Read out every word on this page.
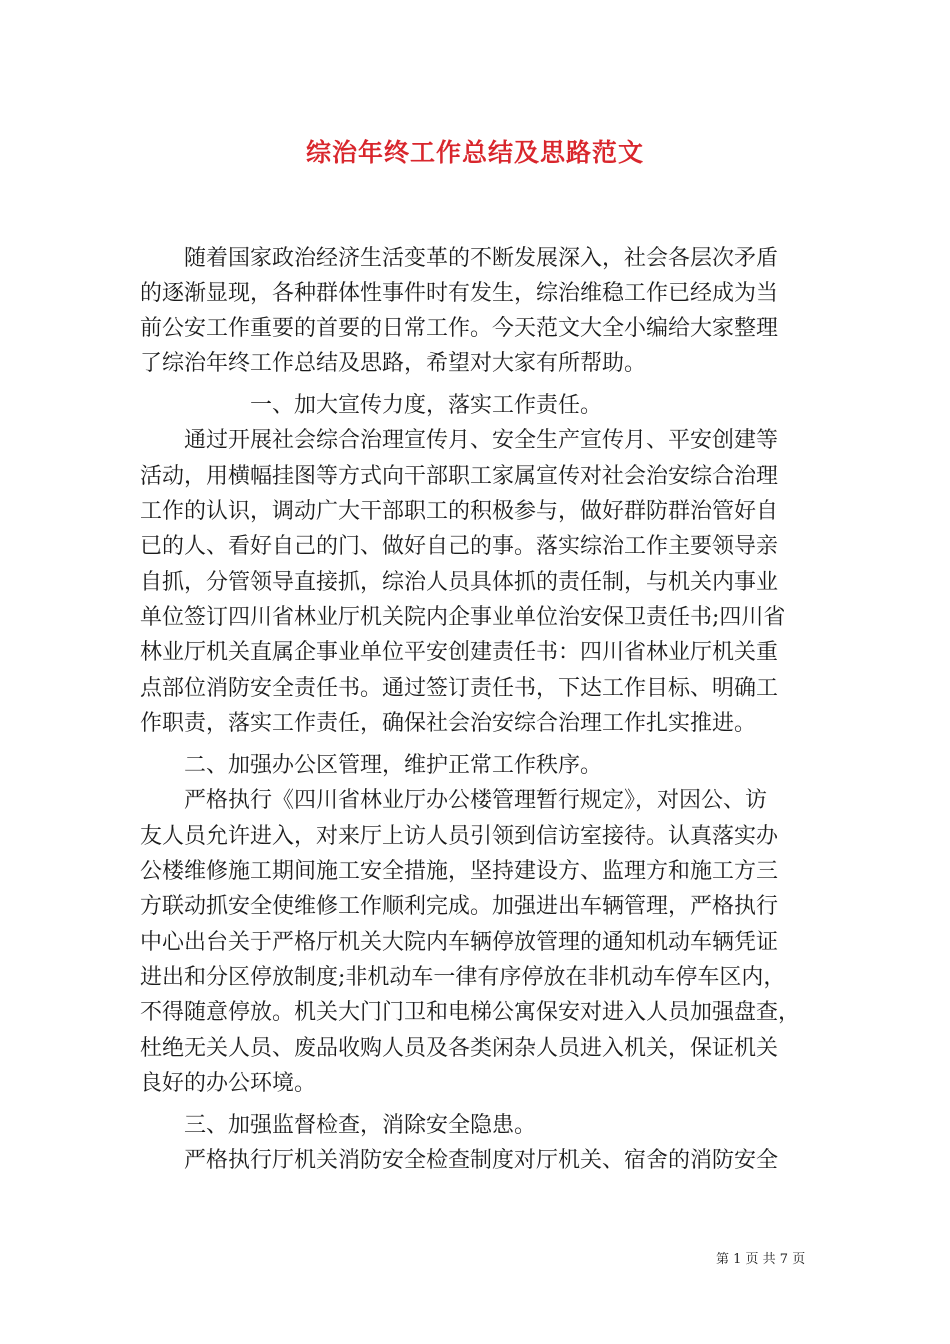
综治年终工作总结及思路范文
　　随着国家政治经济生活变革的不断发展深入，社会各层次矛盾
的逐渐显现，各种群体性事件时有发生，综治维稳工作已经成为当
前公安工作重要的首要的日常工作。今天范文大全小编给大家整理
了综治年终工作总结及思路，希望对大家有所帮助。
　　　　　一、加大宣传力度，落实工作责任。
　　通过开展社会综合治理宣传月、安全生产宣传月、平安创建等
活动，用横幅挂图等方式向干部职工家属宣传对社会治安综合治理
工作的认识，调动广大干部职工的积极参与，做好群防群治管好自
已的人、看好自己的门、做好自己的事。落实综治工作主要领导亲
自抓，分管领导直接抓，综治人员具体抓的责任制，与机关内事业
单位签订四川省林业厅机关院内企事业单位治安保卫责任书;四川省
林业厅机关直属企事业单位平安创建责任书：四川省林业厅机关重
点部位消防安全责任书。通过签订责任书，下达工作目标、明确工
作职责，落实工作责任，确保社会治安综合治理工作扎实推进。
　　二、加强办公区管理，维护正常工作秩序。
　　严格执行《四川省林业厅办公楼管理暂行规定》，对因公、访
友人员允许进入，对来厅上访人员引领到信访室接待。认真落实办
公楼维修施工期间施工安全措施，坚持建设方、监理方和施工方三
方联动抓安全使维修工作顺利完成。加强进出车辆管理，严格执行
中心出台关于严格厅机关大院内车辆停放管理的通知机动车辆凭证
进出和分区停放制度;非机动车一律有序停放在非机动车停车区内，
不得随意停放。机关大门门卫和电梯公寓保安对进入人员加强盘查，
杜绝无关人员、废品收购人员及各类闲杂人员进入机关，保证机关
良好的办公环境。
　　三、加强监督检查，消除安全隐患。
　　严格执行厅机关消防安全检查制度对厅机关、宿舍的消防安全
第 1 页 共 7 页
